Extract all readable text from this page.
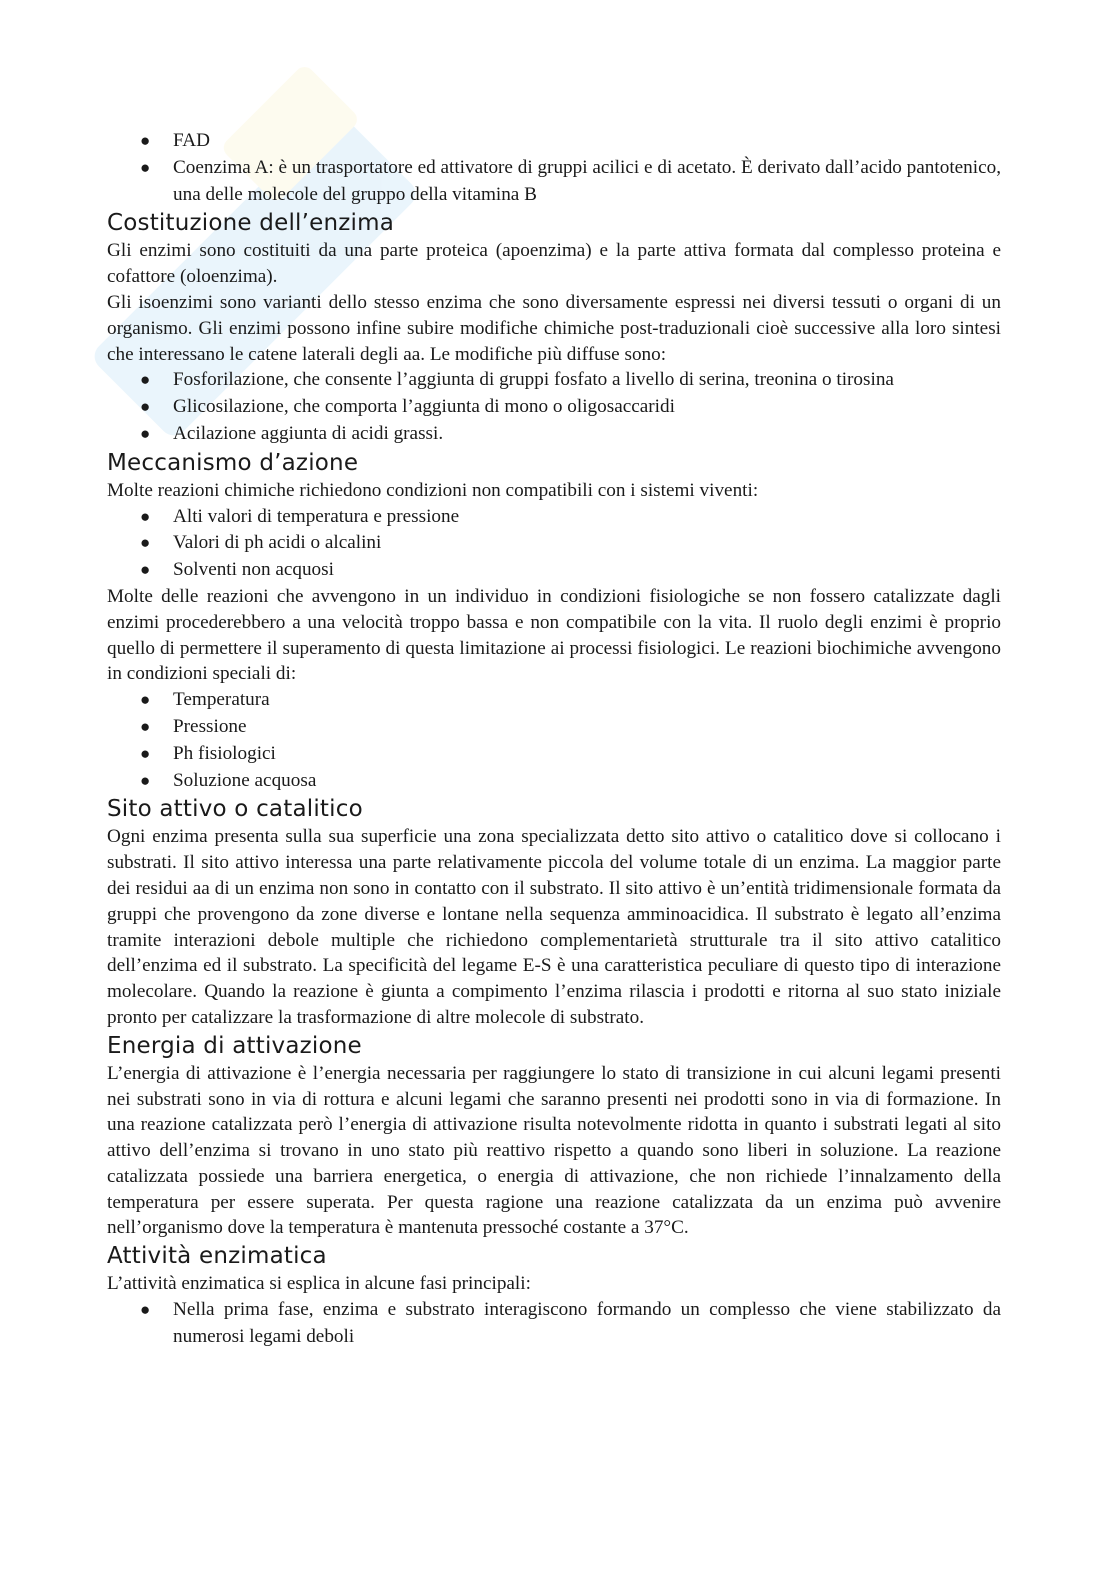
● FAD
● Coenzima A: è un trasportatore ed attivatore di gruppi acilici e di acetato. È derivato dall’acido pantotenico, una delle molecole del gruppo della vitamina B
Costituzione dell’enzima

Gli enzimi sono costituiti da una parte proteica (apoenzima) e la parte attiva formata dal complesso proteina e cofattore (oloenzima).

Gli isoenzimi sono varianti dello stesso enzima che sono diversamente espressi nei diversi tessuti o organi di un organismo. Gli enzimi possono infine subire modifiche chimiche post-traduzionali cioè successive alla loro sintesi che interessano le catene laterali degli aa. Le modifiche più diffuse sono:

● Fosforilazione, che consente l’aggiunta di gruppi fosfato a livello di serina, treonina o tirosina
● Glicosilazione, che comporta l’aggiunta di mono o oligosaccaridi
● Acilazione aggiunta di acidi grassi.
Meccanismo d’azione

Molte reazioni chimiche richiedono condizioni non compatibili con i sistemi viventi:

● Alti valori di temperatura e pressione
● Valori di ph acidi o alcalini
● Solventi non acquosi

Molte delle reazioni che avvengono in un individuo in condizioni fisiologiche se non fossero catalizzate dagli enzimi procederebbero a una velocità troppo bassa e non compatibile con la vita. Il ruolo degli enzimi è proprio quello di permettere il superamento di questa limitazione ai processi fisiologici. Le reazioni biochimiche avvengono in condizioni speciali di:

● Temperatura
● Pressione
● Ph fisiologici
● Soluzione acquosa
Sito attivo o catalitico

Ogni enzima presenta sulla sua superficie una zona specializzata detto sito attivo o catalitico dove si collocano i substrati. Il sito attivo interessa una parte relativamente piccola del volume totale di un enzima. La maggior parte dei residui aa di un enzima non sono in contatto con il substrato. Il sito attivo è un’entità tridimensionale formata da gruppi che provengono da zone diverse e lontane nella sequenza amminoacidica. Il substrato è legato all’enzima tramite interazioni debole multiple che richiedono complementarietà strutturale tra il sito attivo catalitico dell’enzima ed il substrato. La specificità del legame E-S è una caratteristica peculiare di questo tipo di interazione molecolare. Quando la reazione è giunta a compimento l’enzima rilascia i prodotti e ritorna al suo stato iniziale pronto per catalizzare la trasformazione di altre molecole di substrato.

Energia di attivazione

L’energia di attivazione è l’energia necessaria per raggiungere lo stato di transizione in cui alcuni legami presenti nei substrati sono in via di rottura e alcuni legami che saranno presenti nei prodotti sono in via di formazione. In una reazione catalizzata però l’energia di attivazione risulta notevolmente ridotta in quanto i substrati legati al sito attivo dell’enzima si trovano in uno stato più reattivo rispetto a quando sono liberi in soluzione. La reazione catalizzata possiede una barriera energetica, o energia di attivazione, che non richiede l’innalzamento della temperatura per essere superata. Per questa ragione una reazione catalizzata da un enzima può avvenire nell’organismo dove la temperatura è mantenuta pressoché costante a 37°C.

Attività enzimatica

L’attività enzimatica si esplica in alcune fasi principali:

● Nella prima fase, enzima e substrato interagiscono formando un complesso che viene stabilizzato da numerosi legami deboli
